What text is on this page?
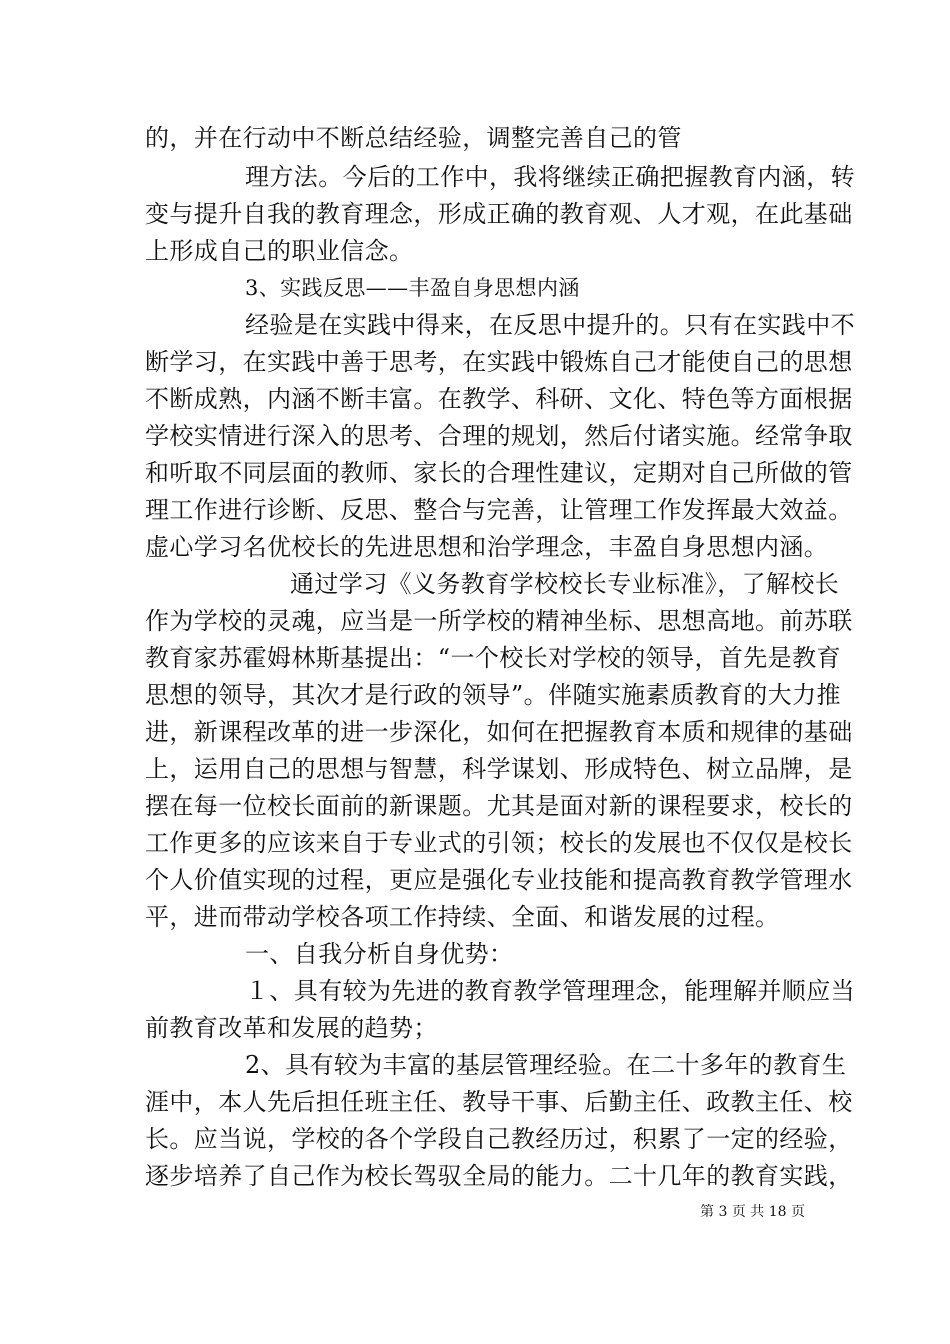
的，并在行动中不断总结经验，调整完善自己的管
理方法。今后的工作中，我将继续正确把握教育内涵，转
变与提升自我的教育理念，形成正确的教育观、人才观，在此基础
上形成自己的职业信念。
3、实践反思——丰盈自身思想内涵
经验是在实践中得来，在反思中提升的。只有在实践中不
断学习，在实践中善于思考，在实践中锻炼自己才能使自己的思想
不断成熟，内涵不断丰富。在教学、科研、文化、特色等方面根据
学校实情进行深入的思考、合理的规划，然后付诸实施。经常争取
和听取不同层面的教师、家长的合理性建议，定期对自己所做的管
理工作进行诊断、反思、整合与完善，让管理工作发挥最大效益。
虚心学习名优校长的先进思想和治学理念，丰盈自身思想内涵。
通过学习《义务教育学校校长专业标准》，了解校长
作为学校的灵魂，应当是一所学校的精神坐标、思想高地。前苏联
教育家苏霍姆林斯基提出：“一个校长对学校的领导，首先是教育
思想的领导，其次才是行政的领导”。伴随实施素质教育的大力推
进，新课程改革的进一步深化，如何在把握教育本质和规律的基础
上，运用自己的思想与智慧，科学谋划、形成特色、树立品牌，是
摆在每一位校长面前的新课题。尤其是面对新的课程要求，校长的
工作更多的应该来自于专业式的引领；校长的发展也不仅仅是校长
个人价值实现的过程，更应是强化专业技能和提高教育教学管理水
平，进而带动学校各项工作持续、全面、和谐发展的过程。
一、自我分析自身优势：
１、具有较为先进的教育教学管理理念，能理解并顺应当
前教育改革和发展的趋势；
2、具有较为丰富的基层管理经验。在二十多年的教育生
涯中，本人先后担任班主任、教导干事、后勤主任、政教主任、校
长。应当说，学校的各个学段自己教经历过，积累了一定的经验，
逐步培养了自己作为校长驾驭全局的能力。二十几年的教育实践，
第 3 页 共 18 页
